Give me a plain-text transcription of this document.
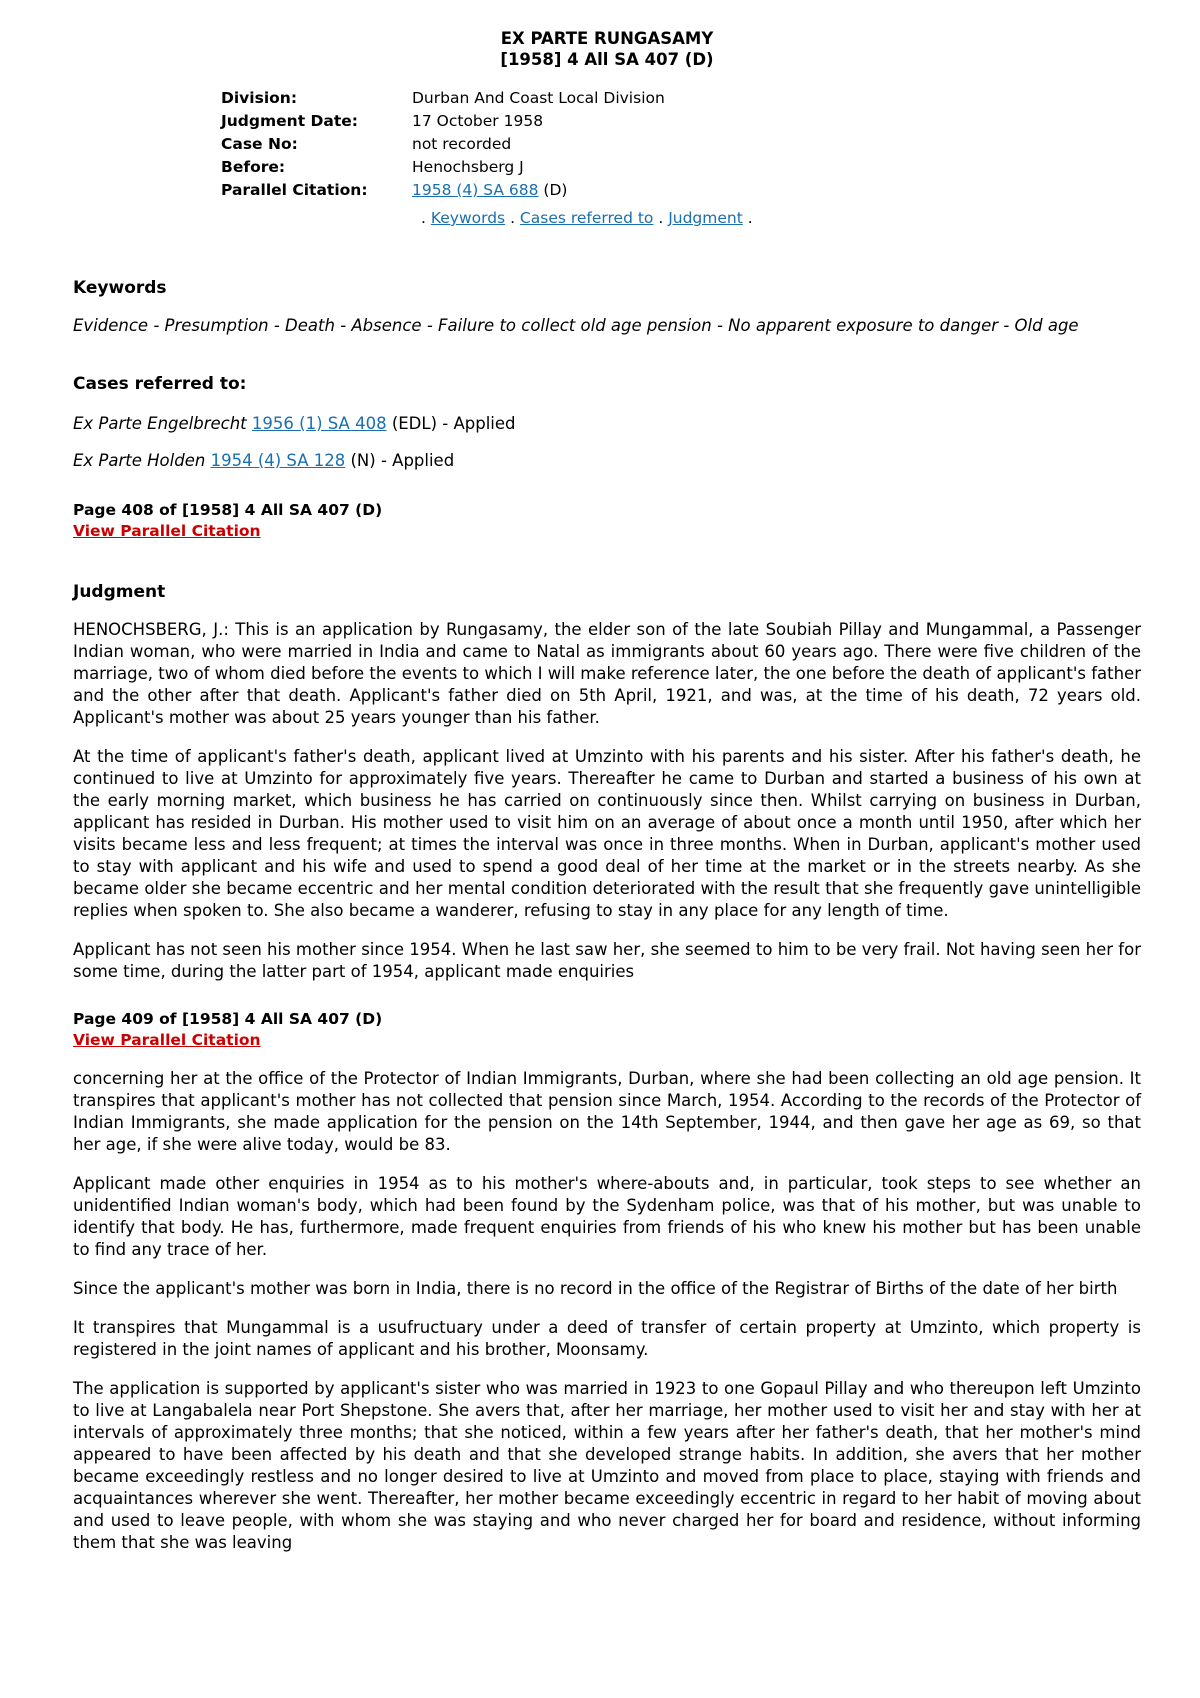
EX PARTE RUNGASAMY
[1958] 4 All SA 407 (D)
Division:	Durban And Coast Local Division
Judgment Date:	17 October 1958
Case No:	not recorded
Before:	Henochsberg J
Parallel Citation:	1958 (4) SA 688 (D)
. Keywords . Cases referred to . Judgment .
Keywords
Evidence - Presumption - Death - Absence - Failure to collect old age pension - No apparent exposure to danger - Old age
Cases referred to:
Ex Parte Engelbrecht 1956 (1) SA 408 (EDL) - Applied
Ex Parte Holden 1954 (4) SA 128 (N) - Applied
Page 408 of [1958] 4 All SA 407 (D)
View Parallel Citation
Judgment
HENOCHSBERG, J.: This is an application by Rungasamy, the elder son of the late Soubiah Pillay and Mungammal, a Passenger Indian woman, who were married in India and came to Natal as immigrants about 60 years ago. There were five children of the marriage, two of whom died before the events to which I will make reference later, the one before the death of applicant's father and the other after that death. Applicant's father died on 5th April, 1921, and was, at the time of his death, 72 years old. Applicant's mother was about 25 years younger than his father.
At the time of applicant's father's death, applicant lived at Umzinto with his parents and his sister. After his father's death, he continued to live at Umzinto for approximately five years. Thereafter he came to Durban and started a business of his own at the early morning market, which business he has carried on continuously since then. Whilst carrying on business in Durban, applicant has resided in Durban. His mother used to visit him on an average of about once a month until 1950, after which her visits became less and less frequent; at times the interval was once in three months. When in Durban, applicant's mother used to stay with applicant and his wife and used to spend a good deal of her time at the market or in the streets nearby. As she became older she became eccentric and her mental condition deteriorated with the result that she frequently gave unintelligible replies when spoken to. She also became a wanderer, refusing to stay in any place for any length of time.
Applicant has not seen his mother since 1954. When he last saw her, she seemed to him to be very frail. Not having seen her for some time, during the latter part of 1954, applicant made enquiries
Page 409 of [1958] 4 All SA 407 (D)
View Parallel Citation
concerning her at the office of the Protector of Indian Immigrants, Durban, where she had been collecting an old age pension. It transpires that applicant's mother has not collected that pension since March, 1954. According to the records of the Protector of Indian Immigrants, she made application for the pension on the 14th September, 1944, and then gave her age as 69, so that her age, if she were alive today, would be 83.
Applicant made other enquiries in 1954 as to his mother's where-abouts and, in particular, took steps to see whether an unidentified Indian woman's body, which had been found by the Sydenham police, was that of his mother, but was unable to identify that body. He has, furthermore, made frequent enquiries from friends of his who knew his mother but has been unable to find any trace of her.
Since the applicant's mother was born in India, there is no record in the office of the Registrar of Births of the date of her birth
It transpires that Mungammal is a usufructuary under a deed of transfer of certain property at Umzinto, which property is registered in the joint names of applicant and his brother, Moonsamy.
The application is supported by applicant's sister who was married in 1923 to one Gopaul Pillay and who thereupon left Umzinto to live at Langabalela near Port Shepstone. She avers that, after her marriage, her mother used to visit her and stay with her at intervals of approximately three months; that she noticed, within a few years after her father's death, that her mother's mind appeared to have been affected by his death and that she developed strange habits. In addition, she avers that her mother became exceedingly restless and no longer desired to live at Umzinto and moved from place to place, staying with friends and acquaintances wherever she went. Thereafter, her mother became exceedingly eccentric in regard to her habit of moving about and used to leave people, with whom she was staying and who never charged her for board and residence, without informing them that she was leaving
